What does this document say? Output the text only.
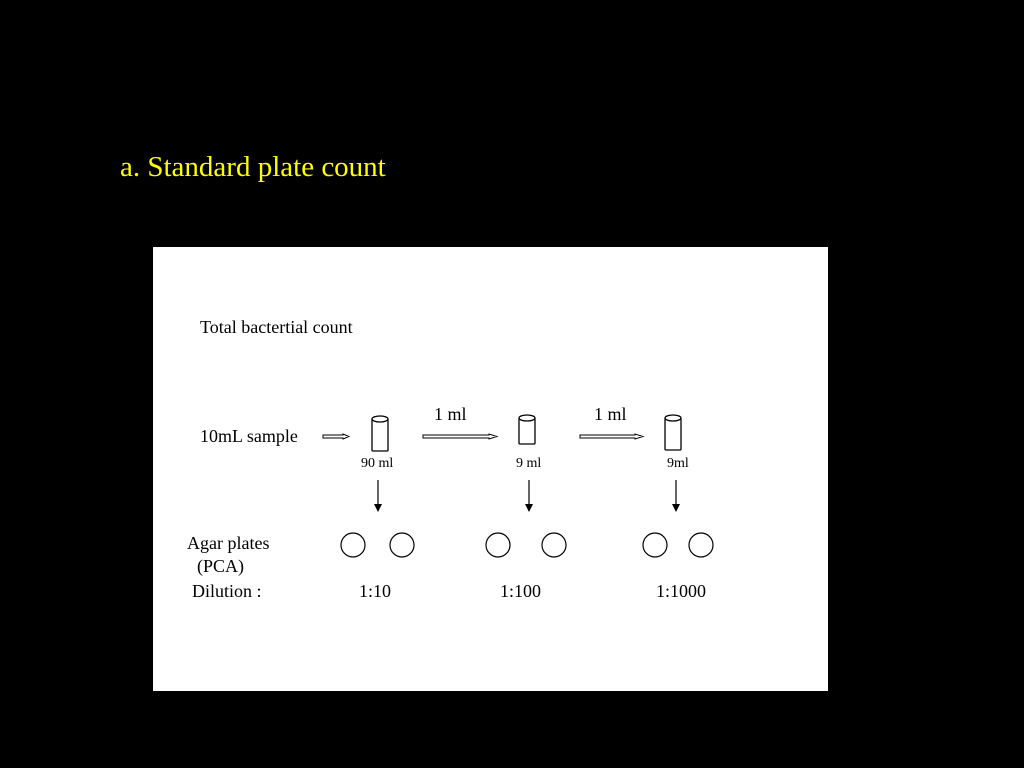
a. Standard plate count
Total bactertial count
10mL sample
1 ml	1 ml
90 ml	9 ml	9ml
Agar plates
(PCA)
Dilution :	1:10	1:100	1:1000
